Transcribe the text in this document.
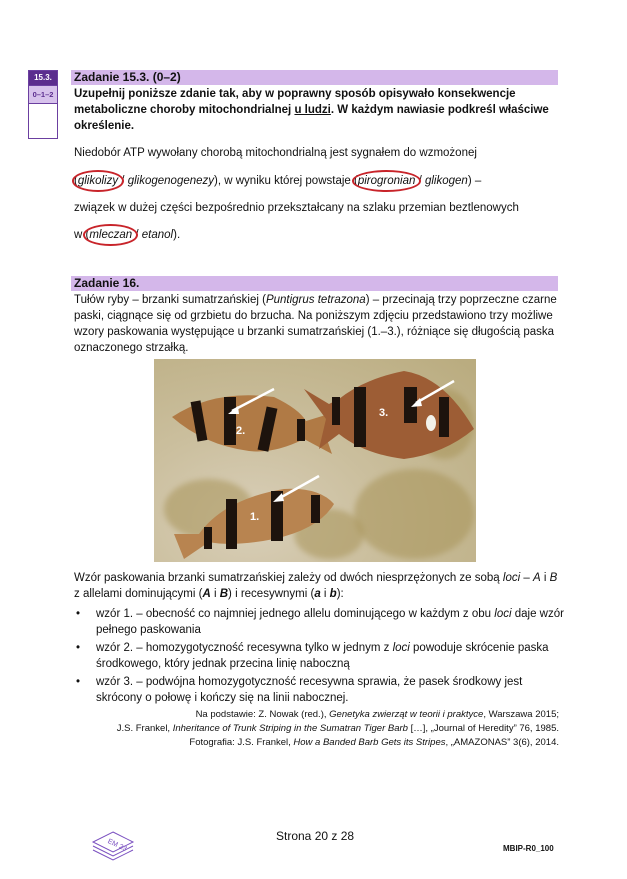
15.3.
0–1–2
Zadanie 15.3. (0–2)
Uzupełnij poniższe zdanie tak, aby w poprawny sposób opisywało konsekwencje metaboliczne choroby mitochondrialnej u ludzi. W każdym nawiasie podkreśl właściwe określenie.
Niedobór ATP wywołany chorobą mitochondrialną jest sygnałem do wzmożonej
(glikolizy / glikogenogenezy), w wyniku której powstaje (pirogronian / glikogen) –
związek w dużej części bezpośrednio przekształcany na szlaku przemian beztlenowych
w (mleczan / etanol).
Zadanie 16.
Tułów ryby – brzanki sumatrzańskiej (Puntigrus tetrazona) – przecinają trzy poprzeczne czarne paski, ciągnące się od grzbietu do brzucha. Na poniższym zdjęciu przedstawiono trzy możliwe wzory paskowania występujące u brzanki sumatrzańskiej (1.–3.), różniące się długością paska oznaczonego strzałką.
2.
3.
1.
Wzór paskowania brzanki sumatrzańskiej zależy od dwóch niesprzężonych ze sobą loci – A i B z allelami dominującymi (A i B) i recesywnymi (a i b):
• wzór 1. – obecność co najmniej jednego allelu dominującego w każdym z obu loci daje wzór pełnego paskowania
• wzór 2. – homozygotyczność recesywna tylko w jednym z loci powoduje skrócenie paska środkowego, który jednak przecina linię naboczną
• wzór 3. – podwójna homozygotyczność recesywna sprawia, że pasek środkowy jest skrócony o połowę i kończy się na linii nabocznej.
Na podstawie: Z. Nowak (red.), Genetyka zwierząt w teorii i praktyce, Warszawa 2015;
J.S. Frankel, Inheritance of Trunk Striping in the Sumatran Tiger Barb […], „Journal of Heredity” 76, 1985.
Fotografia: J.S. Frankel, How a Banded Barb Gets its Stripes, „AMAZONAS” 3(6), 2014.
EM 23
Strona 20 z 28
MBIP-R0_100
